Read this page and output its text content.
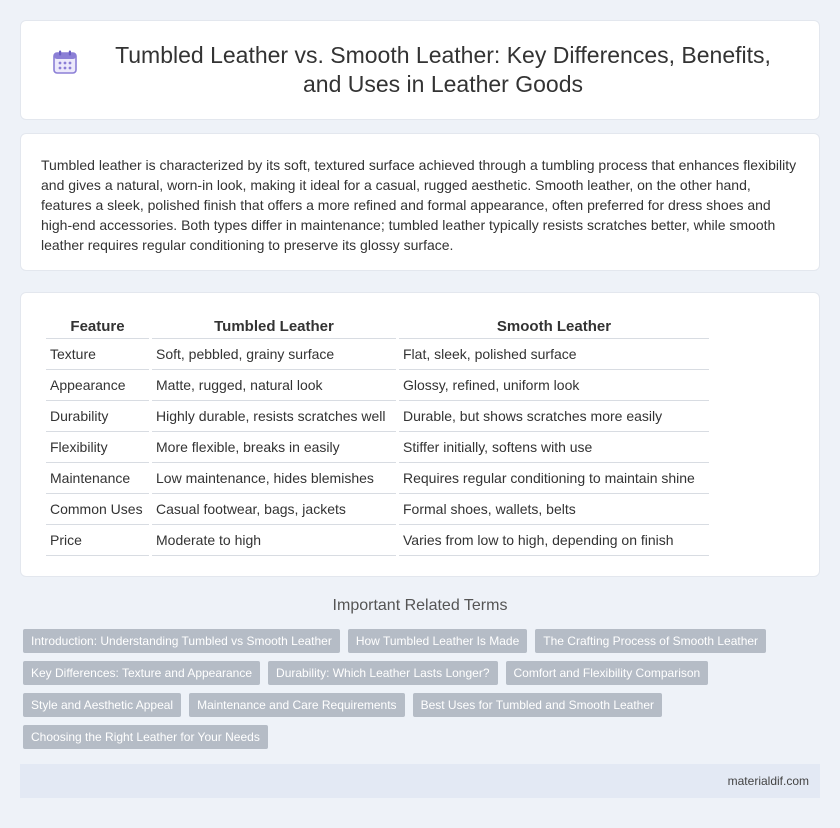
Tumbled Leather vs. Smooth Leather: Key Differences, Benefits, and Uses in Leather Goods

Tumbled leather is characterized by its soft, textured surface achieved through a tumbling process that enhances flexibility and gives a natural, worn-in look, making it ideal for a casual, rugged aesthetic. Smooth leather, on the other hand, features a sleek, polished finish that offers a more refined and formal appearance, often preferred for dress shoes and high-end accessories. Both types differ in maintenance; tumbled leather typically resists scratches better, while smooth leather requires regular conditioning to preserve its glossy surface.

Feature	Tumbled Leather	Smooth Leather
Texture	Soft, pebbled, grainy surface	Flat, sleek, polished surface
Appearance	Matte, rugged, natural look	Glossy, refined, uniform look
Durability	Highly durable, resists scratches well	Durable, but shows scratches more easily
Flexibility	More flexible, breaks in easily	Stiffer initially, softens with use
Maintenance	Low maintenance, hides blemishes	Requires regular conditioning to maintain shine
Common Uses	Casual footwear, bags, jackets	Formal shoes, wallets, belts
Price	Moderate to high	Varies from low to high, depending on finish
Important Related Terms
Introduction: Understanding Tumbled vs Smooth Leather	How Tumbled Leather Is Made	The Crafting Process of Smooth Leather
Key Differences: Texture and Appearance	Durability: Which Leather Lasts Longer?	Comfort and Flexibility Comparison
Style and Aesthetic Appeal	Maintenance and Care Requirements	Best Uses for Tumbled and Smooth Leather
Choosing the Right Leather for Your Needs
materialdif.com
